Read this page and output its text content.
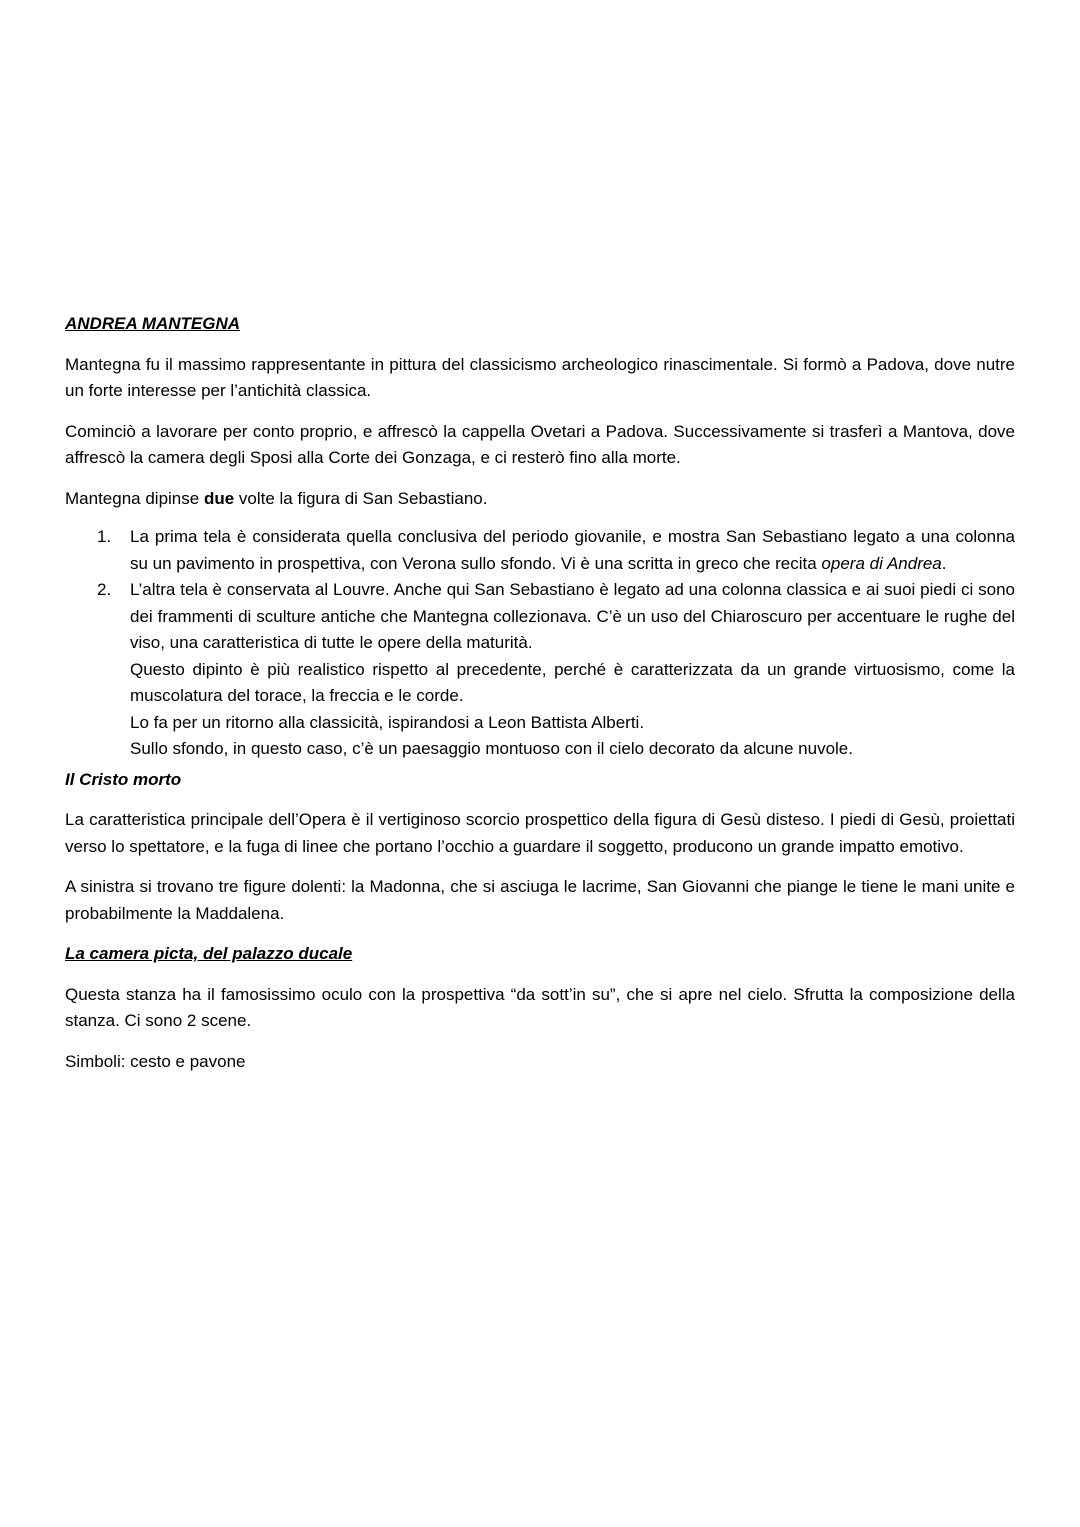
ANDREA MANTEGNA

Mantegna fu il massimo rappresentante in pittura del classicismo archeologico rinascimentale. Si formò a Padova, dove nutre un forte interesse per l’antichità classica.

Cominciò a lavorare per conto proprio, e affrescò la cappella Ovetari a Padova. Successivamente si trasferì a Mantova, dove affrescò la camera degli Sposi alla Corte dei Gonzaga, e ci resterò fino alla morte.

Mantegna dipinse due volte la figura di San Sebastiano.

1. La prima tela è considerata quella conclusiva del periodo giovanile, e mostra San Sebastiano legato a una colonna su un pavimento in prospettiva, con Verona sullo sfondo. Vi è una scritta in greco che recita opera di Andrea.
2. L’altra tela è conservata al Louvre. Anche qui San Sebastiano è legato ad una colonna classica e ai suoi piedi ci sono dei frammenti di sculture antiche che Mantegna collezionava. C’è un uso del Chiaroscuro per accentuare le rughe del viso, una caratteristica di tutte le opere della maturità.
Questo dipinto è più realistico rispetto al precedente, perché è caratterizzata da un grande virtuosismo, come la muscolatura del torace, la freccia e le corde.
Lo fa per un ritorno alla classicità, ispirandosi a Leon Battista Alberti.
Sullo sfondo, in questo caso, c’è un paesaggio montuoso con il cielo decorato da alcune nuvole.
Il Cristo morto

La caratteristica principale dell’Opera è il vertiginoso scorcio prospettico della figura di Gesù disteso. I piedi di Gesù, proiettati verso lo spettatore, e la fuga di linee che portano l’occhio a guardare il soggetto, producono un grande impatto emotivo.

A sinistra si trovano tre figure dolenti: la Madonna, che si asciuga le lacrime, San Giovanni che piange le tiene le mani unite e probabilmente la Maddalena.

La camera picta, del palazzo ducale

Questa stanza ha il famosissimo oculo con la prospettiva “da sott’in su”, che si apre nel cielo. Sfrutta la composizione della stanza. Ci sono 2 scene.

Simboli: cesto e pavone
